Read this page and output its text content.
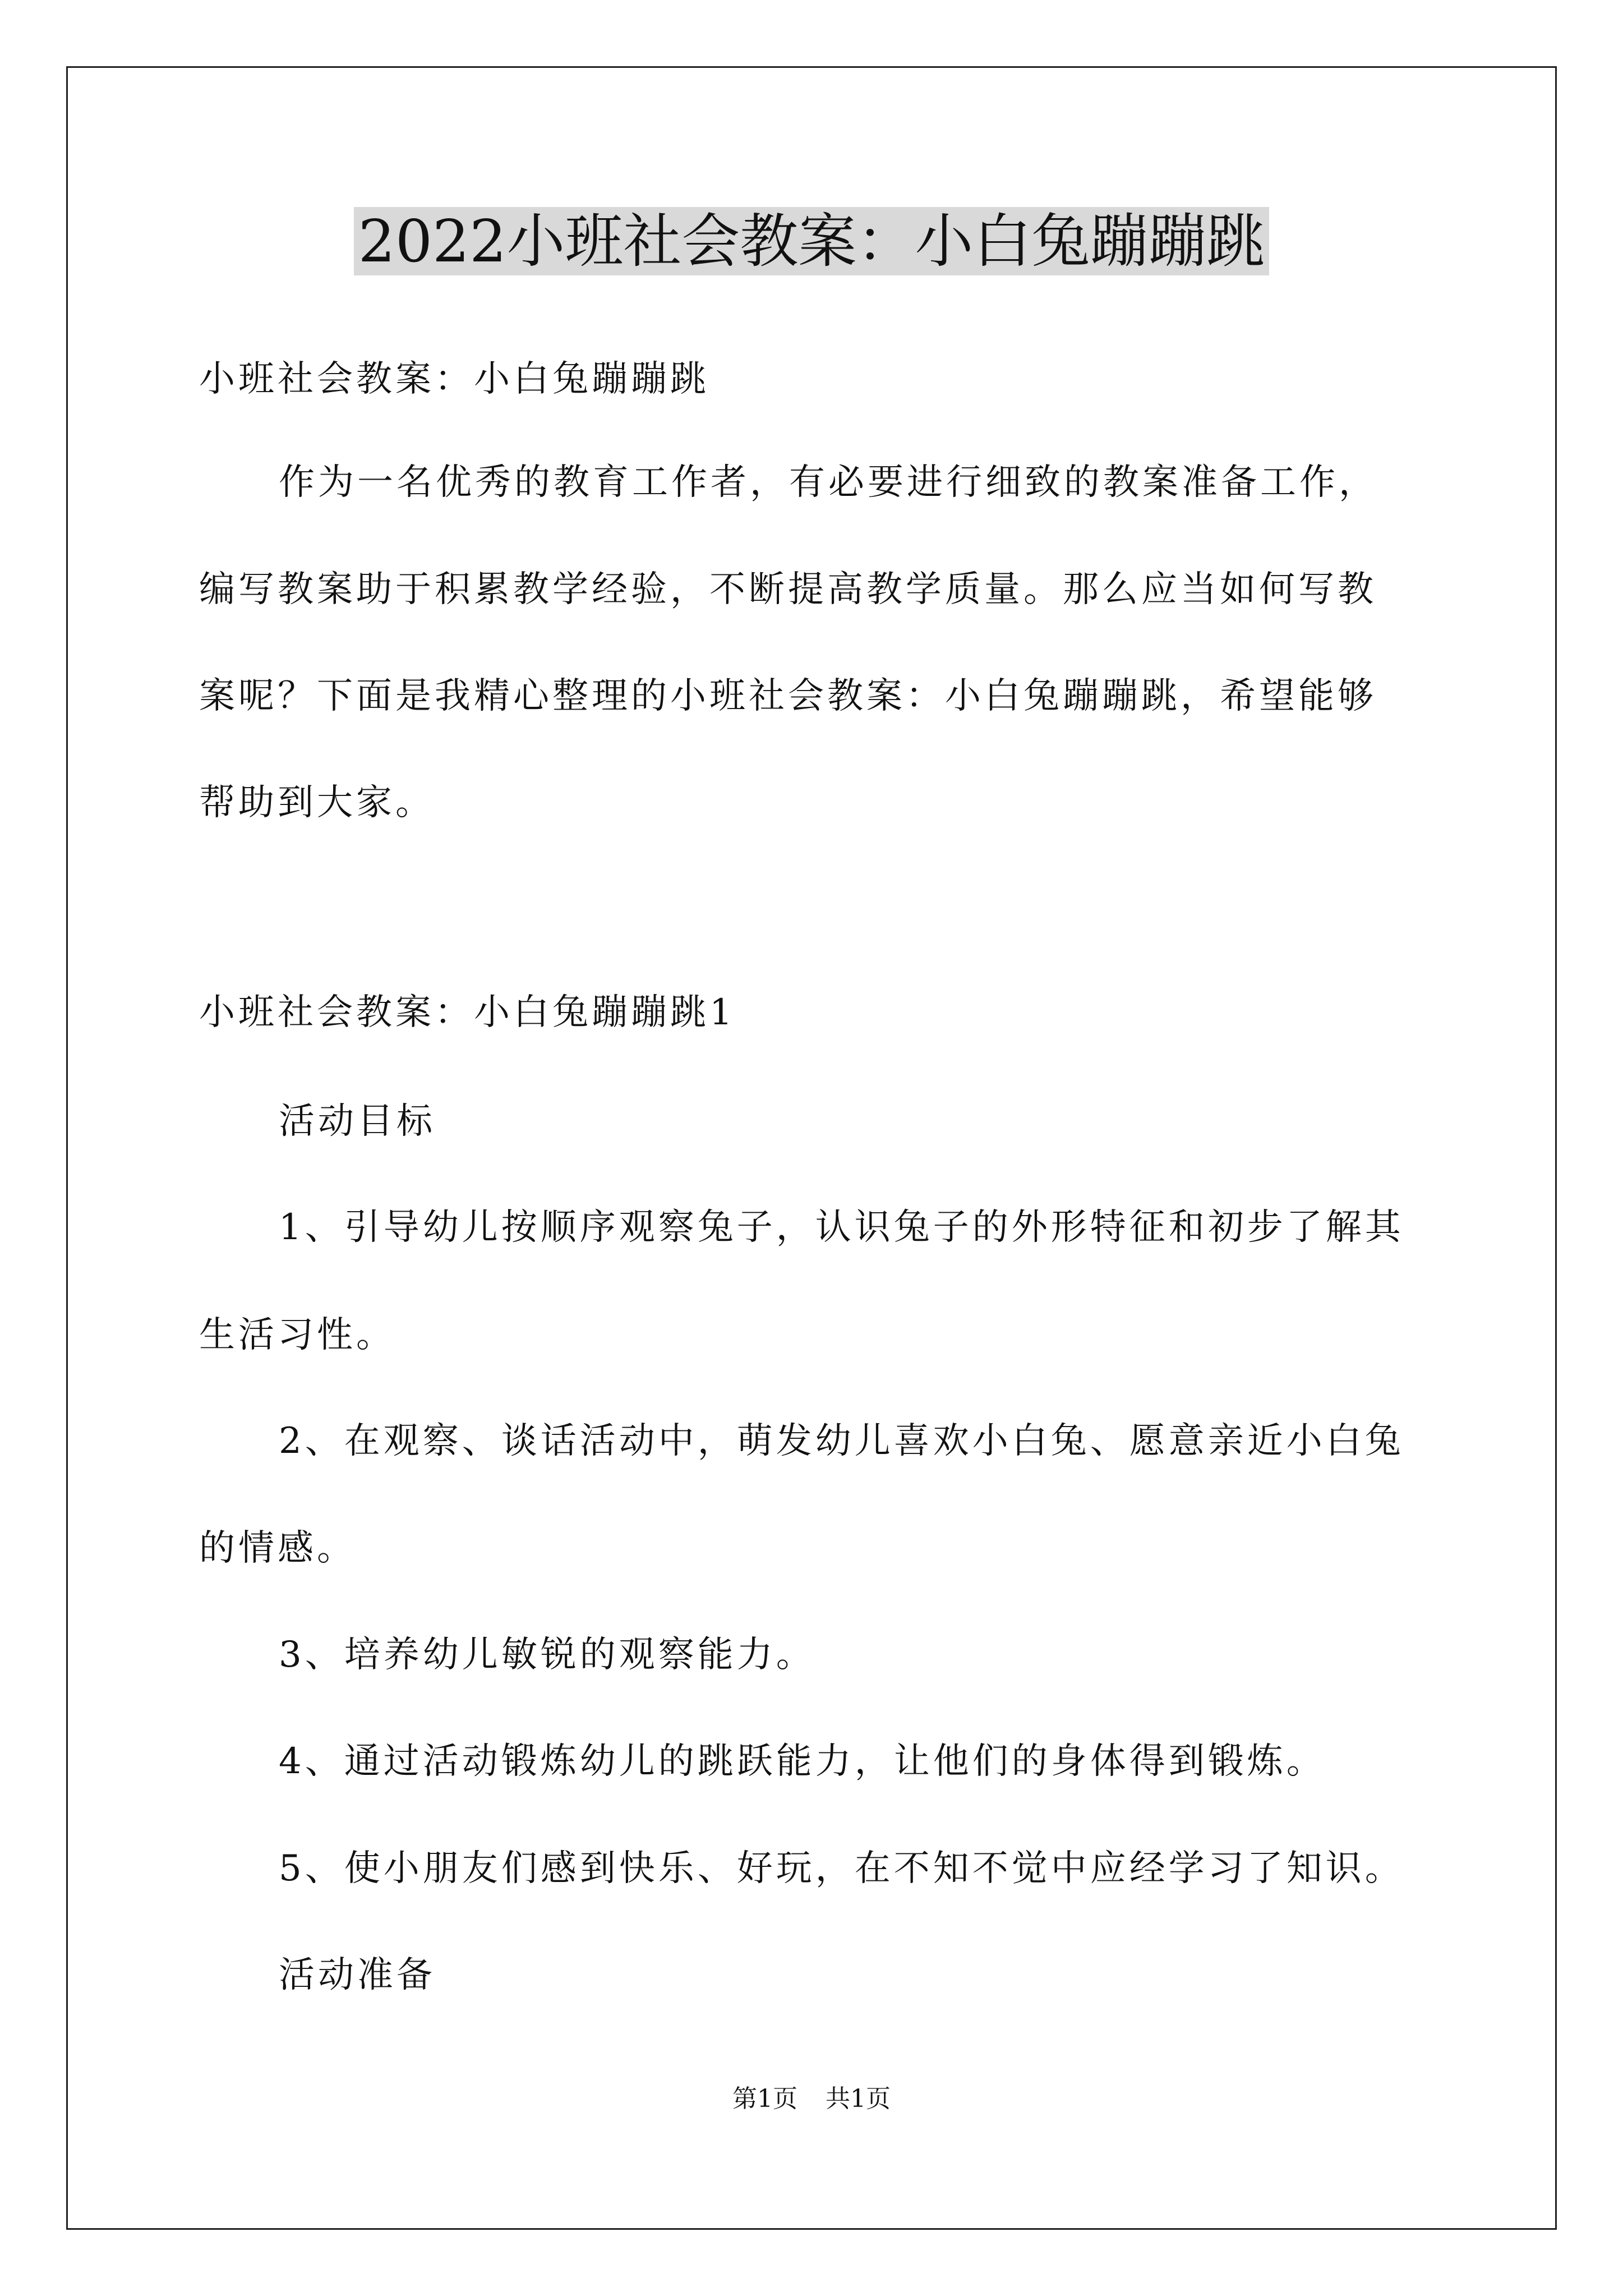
2022小班社会教案：小白兔蹦蹦跳
小班社会教案：小白兔蹦蹦跳
作为一名优秀的教育工作者，有必要进行细致的教案准备工作，
编写教案助于积累教学经验，不断提高教学质量。那么应当如何写教
案呢？下面是我精心整理的小班社会教案：小白兔蹦蹦跳，希望能够
帮助到大家。
小班社会教案：小白兔蹦蹦跳1
活动目标
1、引导幼儿按顺序观察兔子，认识兔子的外形特征和初步了解其
生活习性。
2、在观察、谈话活动中，萌发幼儿喜欢小白兔、愿意亲近小白兔
的情感。
3、培养幼儿敏锐的观察能力。
4、通过活动锻炼幼儿的跳跃能力，让他们的身体得到锻炼。
5、使小朋友们感到快乐、好玩，在不知不觉中应经学习了知识。
活动准备
第1页 共1页
